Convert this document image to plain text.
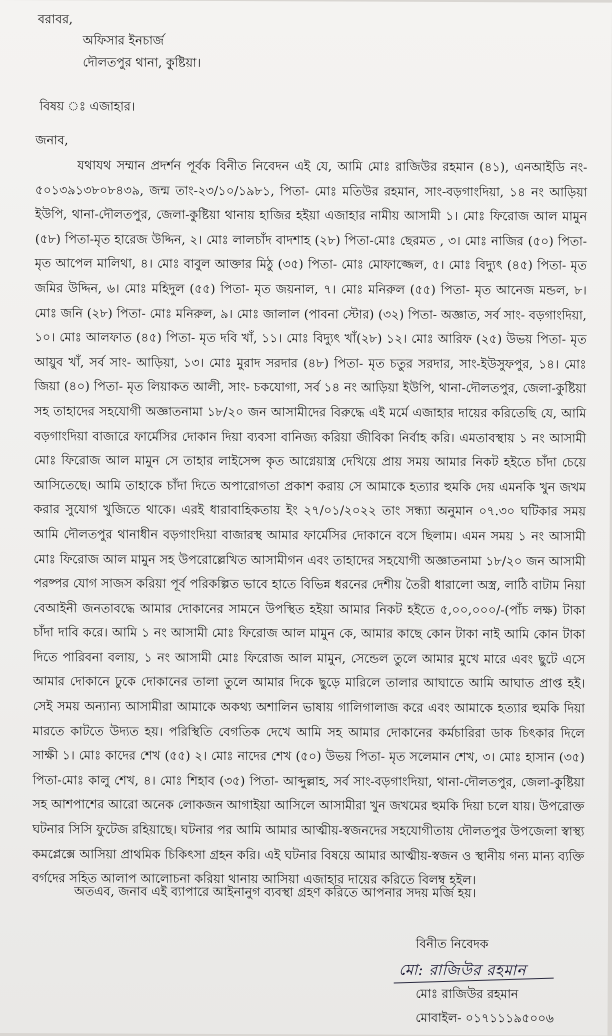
বরাবর,
অফিসার ইনচার্জ
দৌলতপুর থানা, কুষ্টিয়া।
বিষয় ঃ এজাহার।
জনাব,
যথাযথ সম্মান প্রদর্শন পূর্বক বিনীত নিবেদন এই যে, আমি মোঃ রাজিউর রহমান (৪১), এনআইডি নং- ৫০১৩৯১৩৮০৮৪৩৯, জন্ম তাং-২৩/১০/১৯৮১, পিতা- মোঃ মতিউর রহমান, সাং-বড়গাংদিয়া, ১৪ নং আড়িয়া ইউপি, থানা-দৌলতপুর, জেলা-কুষ্টিয়া থানায় হাজির হইয়া এজাহার নামীয় আসামী ১। মোঃ ফিরোজ আল মামুন (৫৮) পিতা-মৃত হারেজ উদ্দিন, ২। মোঃ লালচাঁদ বাদশাহ (২৮) পিতা-মোঃ ছেরমত , ৩। মোঃ নাজির (৫০) পিতা-মৃত আপেল মালিথা, ৪। মোঃ বাবুল আক্তার মিঠু (৩৫) পিতা- মোঃ মোফাজ্জেল, ৫। মোঃ বিদ্যুৎ (৪৫) পিতা- মৃত জমির উদ্দিন, ৬। মোঃ মহিদুল (৫৫) পিতা- মৃত জয়নাল, ৭। মোঃ মনিরুল (৫৫) পিতা- মৃত আনেজ মন্ডল, ৮। মোঃ জনি (২৮) পিতা- মোঃ মনিরুল, ৯। মোঃ জালাল (পাবনা স্টোর) (৩২) পিতা- অজ্ঞাত, সর্ব সাং- বড়গাংদিয়া, ১০। মোঃ আলফাত (৪৫) পিতা- মৃত দবি খাঁ, ১১। মোঃ বিদ্যুৎ খাঁ(২৮) ১২। মোঃ আরিফ (২৫) উভয় পিতা- মৃত আয়ুব খাঁ, সর্ব সাং- আড়িয়া, ১৩। মোঃ মুরাদ সরদার (৪৮) পিতা- মৃত চতুর সরদার, সাং-ইউসুফপুর, ১৪। মোঃ জিয়া (৪০) পিতা- মৃত লিয়াকত আলী, সাং- চকযোগা, সর্ব ১৪ নং আড়িয়া ইউপি, থানা-দৌলতপুর, জেলা-কুষ্টিয়া সহ তাহাদের সহযোগী অজ্ঞাতনামা ১৮/২০ জন আসামীদের বিরুদ্ধে এই মর্মে এজাহার দায়ের করিতেছি যে, আমি বড়গাংদিয়া বাজারে ফার্মেসির দোকান দিয়া ব্যবসা বানিজ্য করিয়া জীবিকা নির্বাহ করি। এমতাবস্থায় ১ নং আসামী মোঃ ফিরোজ আল মামুন সে তাহার লাইসেন্স কৃত আগ্নেয়াস্ত্র দেখিয়ে প্রায় সময় আমার নিকট হইতে চাঁদা চেয়ে আসিতেছে। আমি তাহাকে চাঁদা দিতে অপারোগতা প্রকাশ করায় সে আমাকে হত্যার হুমকি দেয় এমনকি খুন জখম করার সুযোগ খুজিতে থাকে। এরই ধারাবাহিকতায় ইং ২৭/০১/২০২২ তাং সন্ধ্যা অনুমান ০৭.৩০ ঘটিকার সময় আমি দৌলতপুর থানাধীন বড়গাংদিয়া বাজারস্থ আমার ফার্মেসির দোকানে বসে ছিলাম। এমন সময় ১ নং আসামী মোঃ ফিরোজ আল মামুন সহ উপরোল্লেখিত আসামীগন এবং তাহাদের সহযোগী অজ্ঞাতনামা ১৮/২০ জন আসামী পরষ্পর যোগ সাজস করিয়া পূর্ব পরিকল্পিত ভাবে হাতে বিভিন্ন ধরনের দেশীয় তৈরী ধারালো অস্ত্র, লাঠি বাটাম নিয়া বেআইনী জনতাবদ্ধে আমার দোকানের সামনে উপস্থিত হইয়া আমার নিকট হইতে ৫,০০,০০০/-(পাঁচ লক্ষ) টাকা চাঁদা দাবি করে। আমি ১ নং আসামী মোঃ ফিরোজ আল মামুন কে, আমার কাছে কোন টাকা নাই আমি কোন টাকা দিতে পারিবনা বলায়, ১ নং আসামী মোঃ ফিরোজ আল মামুন, সেন্ডেল তুলে আমার মুখে মারে এবং ছুটে এসে আমার দোকানে ঢুকে দোকানের তালা তুলে আমার দিকে ছুড়ে মারিলে তালার আঘাতে আমি আঘাত প্রাপ্ত হই। সেই সময় অন্যান্য আসামীরা আমাকে অকথ্য অশালিন ভাষায় গালিগালাজ করে এবং আমাকে হত্যার হুমকি দিয়া মারতে কাটতে উদ্যত হয়। পরিস্থিতি বেগতিক দেখে আমি সহ আমার দোকানের কর্মচারিরা ডাক চিৎকার দিলে সাক্ষী ১। মোঃ কাদের শেখ (৫৫) ২। মোঃ নাদের শেখ (৫০) উভয় পিতা- মৃত সলেমান শেখ, ৩। মোঃ হাসান (৩৫) পিতা-মোঃ কালু শেখ, ৪। মোঃ শিহাব (৩৫) পিতা- আব্দুল্লাহ, সর্ব সাং-বড়গাংদিয়া, থানা-দৌলতপুর, জেলা-কুষ্টিয়া সহ আশপাশের আরো অনেক লোকজন আগাইয়া আসিলে আসামীরা খুন জখমের হুমকি দিয়া চলে যায়। উপরোক্ত ঘটনার সিসি ফুটেজ রহিয়াছে। ঘটনার পর আমি আমার আত্মীয়-স্বজনদের সহযোগীতায় দৌলতপুর উপজেলা স্বাস্থ্য কমপ্লেক্সে আসিয়া প্রাথমিক চিকিৎসা গ্রহন করি। এই ঘটনার বিষয়ে আমার আত্মীয়-স্বজন ও স্থানীয় গন্য মান্য ব্যক্তি বর্গদের সহিত আলাপ আলোচনা করিয়া থানায় আসিয়া এজাহার দায়ের করিতে বিলম্ব হইল।
অতএব, জনাব এই ব্যাপারে আইনানুগ ব্যবস্থা গ্রহণ করিতে আপনার সদয় মর্জি হয়।
বিনীত নিবেদক
মো: রাজিউর রহমান
মোঃ রাজিউর রহমান
মোবাইল- ০১৭১১১৯৫০০৬
